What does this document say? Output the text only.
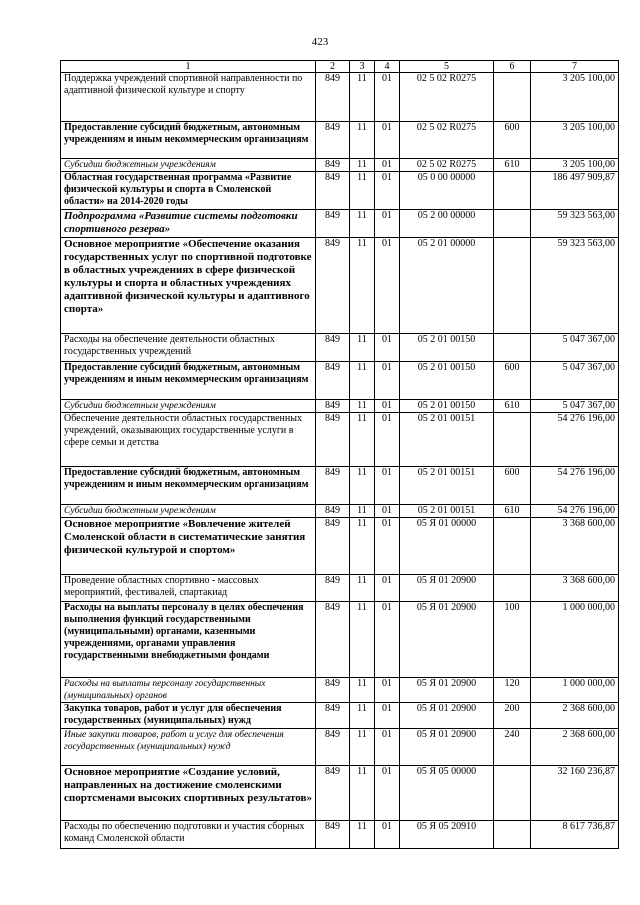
423
1	2	3	4	5	6	7
Поддержка учреждений спортивной направленности по адаптивной физической культуре и спорту	849	11	01	02 5 02 R0275		3 205 100,00
Предоставление субсидий бюджетным, автономным учреждениям и иным некоммерческим организациям	849	11	01	02 5 02 R0275	600	3 205 100,00
Субсидии бюджетным учреждениям	849	11	01	02 5 02 R0275	610	3 205 100,00
Областная государственная программа «Развитие физической культуры и спорта в Смоленской области» на 2014-2020 годы	849	11	01	05 0 00 00000		186 497 909,87
Подпрограмма «Развитие системы подготовки спортивного резерва»	849	11	01	05 2 00 00000		59 323 563,00
Основное мероприятие «Обеспечение оказания государственных услуг по спортивной подготовке в областных учреждениях в сфере физической культуры и спорта и областных учреждениях адаптивной физической культуры и адаптивного спорта»	849	11	01	05 2 01 00000		59 323 563,00
Расходы на обеспечение деятельности областных государственных учреждений	849	11	01	05 2 01 00150		5 047 367,00
Предоставление субсидий бюджетным, автономным учреждениям и иным некоммерческим организациям	849	11	01	05 2 01 00150	600	5 047 367,00
Субсидии бюджетным учреждениям	849	11	01	05 2 01 00150	610	5 047 367,00
Обеспечение деятельности областных государственных учреждений, оказывающих государственные услуги в сфере семьи и детства	849	11	01	05 2 01 00151		54 276 196,00
Предоставление субсидий бюджетным, автономным учреждениям и иным некоммерческим организациям	849	11	01	05 2 01 00151	600	54 276 196,00
Субсидии бюджетным учреждениям	849	11	01	05 2 01 00151	610	54 276 196,00
Основное мероприятие «Вовлечение жителей Смоленской области в систематические занятия физической культурой и спортом»	849	11	01	05 Я 01 00000		3 368 600,00
Проведение областных спортивно - массовых мероприятий, фестивалей, спартакиад	849	11	01	05 Я 01 20900		3 368 600,00
Расходы на выплаты персоналу в целях обеспечения выполнения функций государственными (муниципальными) органами, казенными учреждениями, органами управления государственными внебюджетными фондами	849	11	01	05 Я 01 20900	100	1 000 000,00
Расходы на выплаты персоналу государственных (муниципальных) органов	849	11	01	05 Я 01 20900	120	1 000 000,00
Закупка товаров, работ и услуг для обеспечения государственных (муниципальных) нужд	849	11	01	05 Я 01 20900	200	2 368 600,00
Иные закупки товаров, работ и услуг для обеспечения государственных (муниципальных) нужд	849	11	01	05 Я 01 20900	240	2 368 600,00
Основное мероприятие «Создание условий, направленных на достижение смоленскими спортсменами высоких спортивных результатов»	849	11	01	05 Я 05 00000		32 160 236,87
Расходы по обеспечению подготовки и участия сборных команд Смоленской области	849	11	01	05 Я 05 20910		8 617 736,87
